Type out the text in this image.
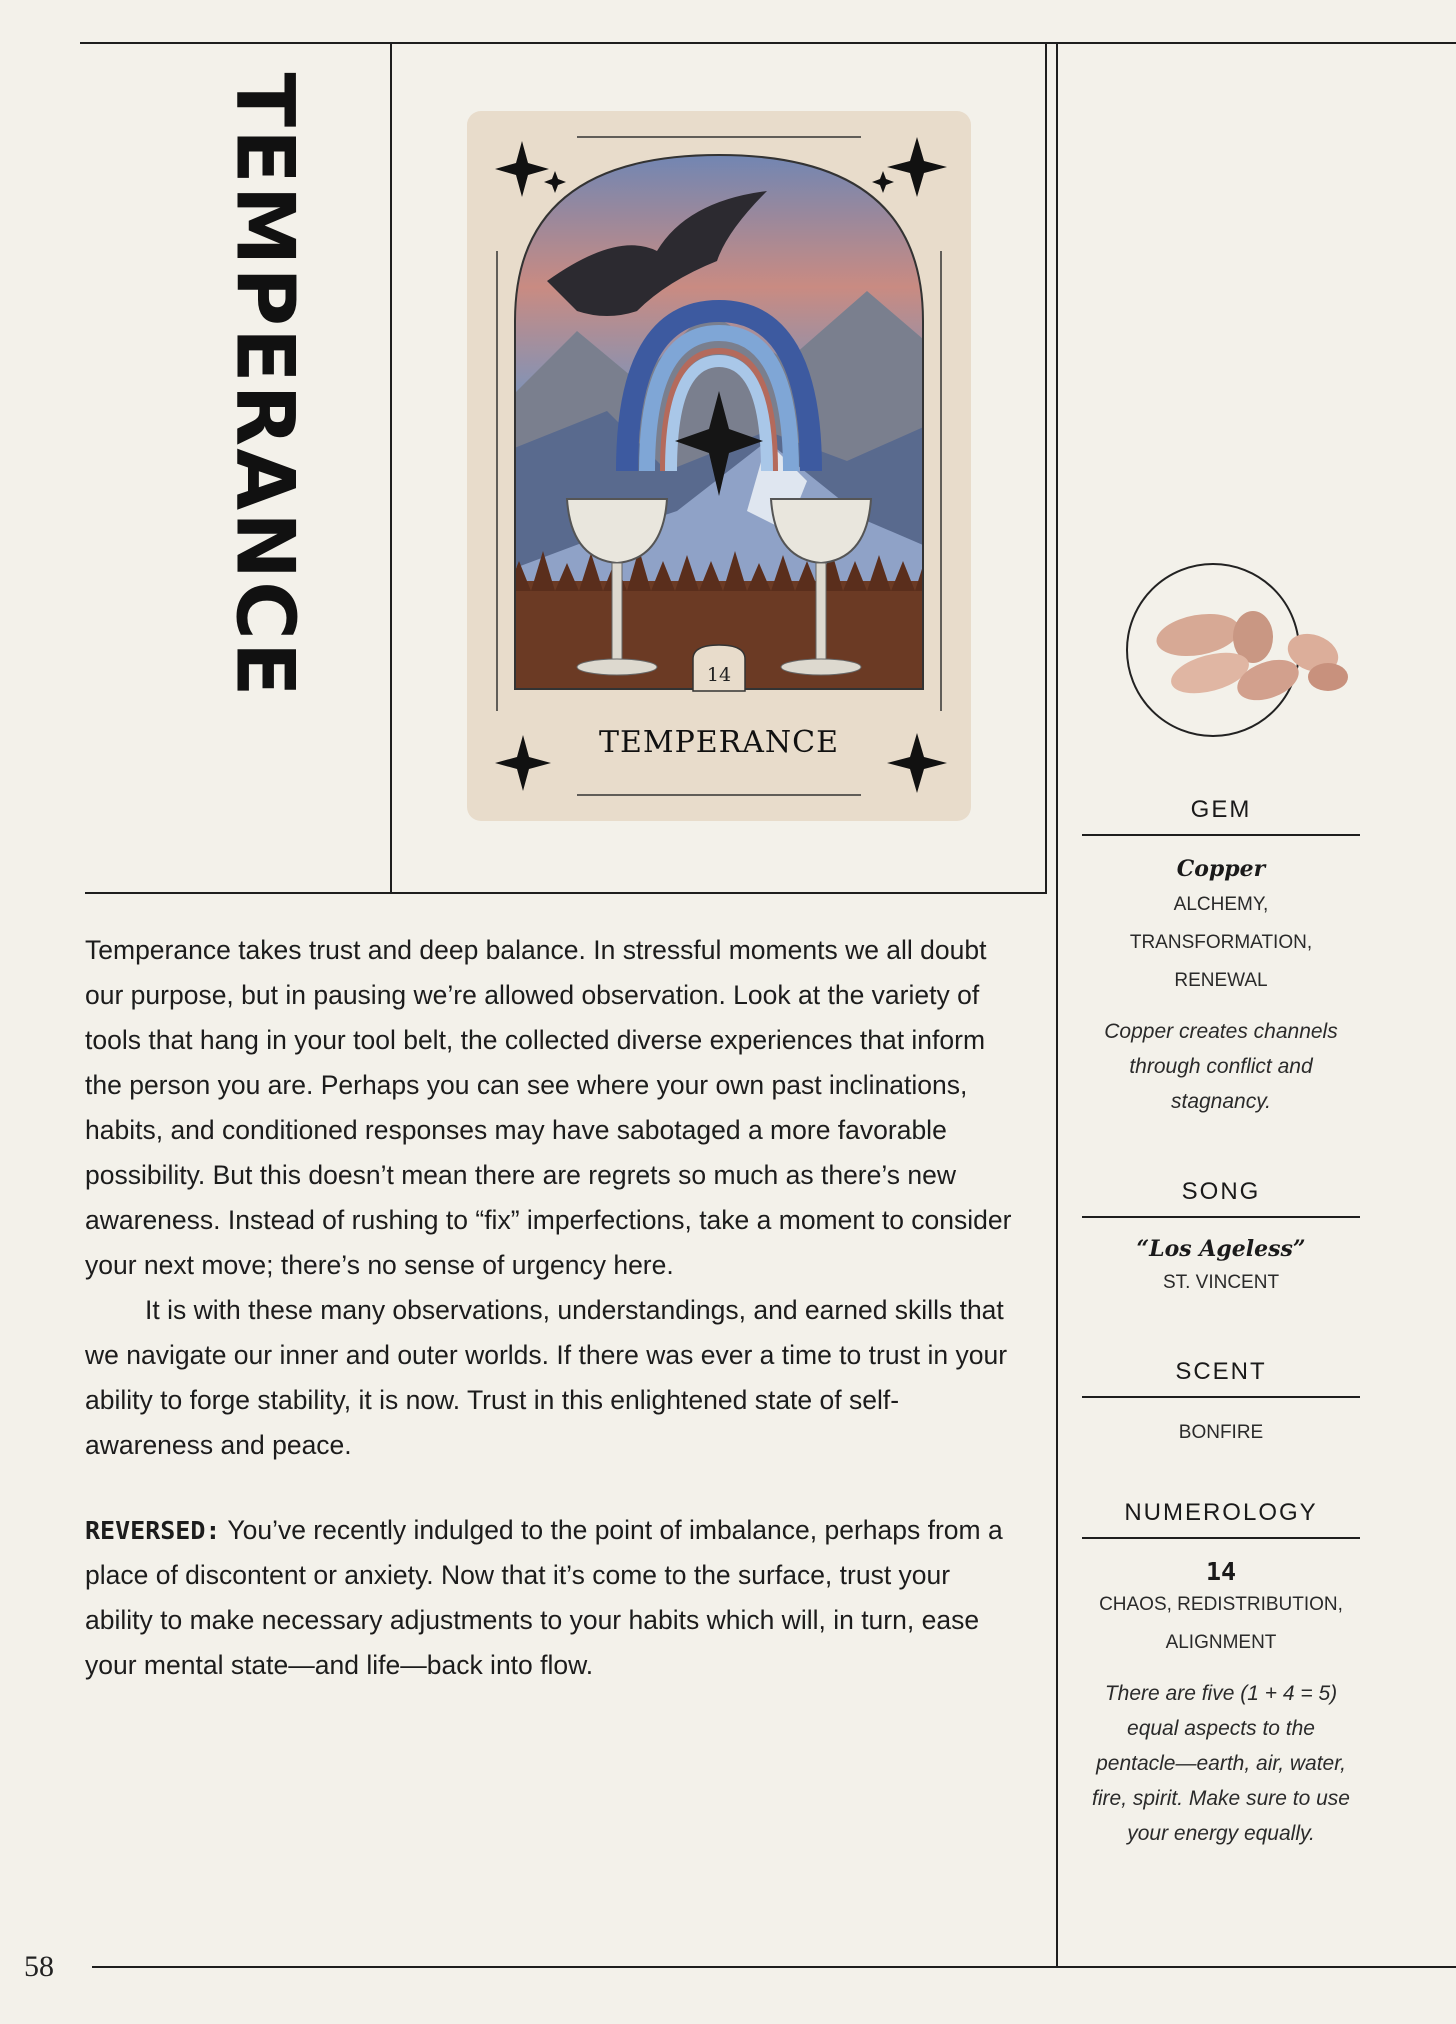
TEMPERANCE	14
TEMPERANCE

Temperance takes trust and deep balance. In stressful moments we all doubt our purpose, but in pausing we’re allowed observation. Look at the variety of tools that hang in your tool belt, the collected diverse experiences that inform the person you are. Perhaps you can see where your own past inclinations, habits, and conditioned responses may have sabotaged a more favorable possibility. But this doesn’t mean there are regrets so much as there’s new awareness. Instead of rushing to “fix” imperfections, take a moment to consider your next move; there’s no sense of urgency here.

It is with these many observations, understandings, and earned skills that we navigate our inner and outer worlds. If there was ever a time to trust in your ability to forge stability, it is now. Trust in this enlightened state of self-awareness and peace.

REVERSED: You’ve recently indulged to the point of imbalance, perhaps from a place of discontent or anxiety. Now that it’s come to the surface, trust your ability to make necessary adjustments to your habits which will, in turn, ease your mental state—and life—back into flow.

GEM
Copper
ALCHEMY,
TRANSFORMATION,
RENEWAL
Copper creates channels through conflict and stagnancy.
SONG
“Los Ageless”
ST. VINCENT
SCENT
BONFIRE
NUMEROLOGY
14
CHAOS, REDISTRIBUTION,
ALIGNMENT
There are five (1 + 4 = 5) equal aspects to the pentacle—earth, air, water, fire, spirit. Make sure to use your energy equally.
58
